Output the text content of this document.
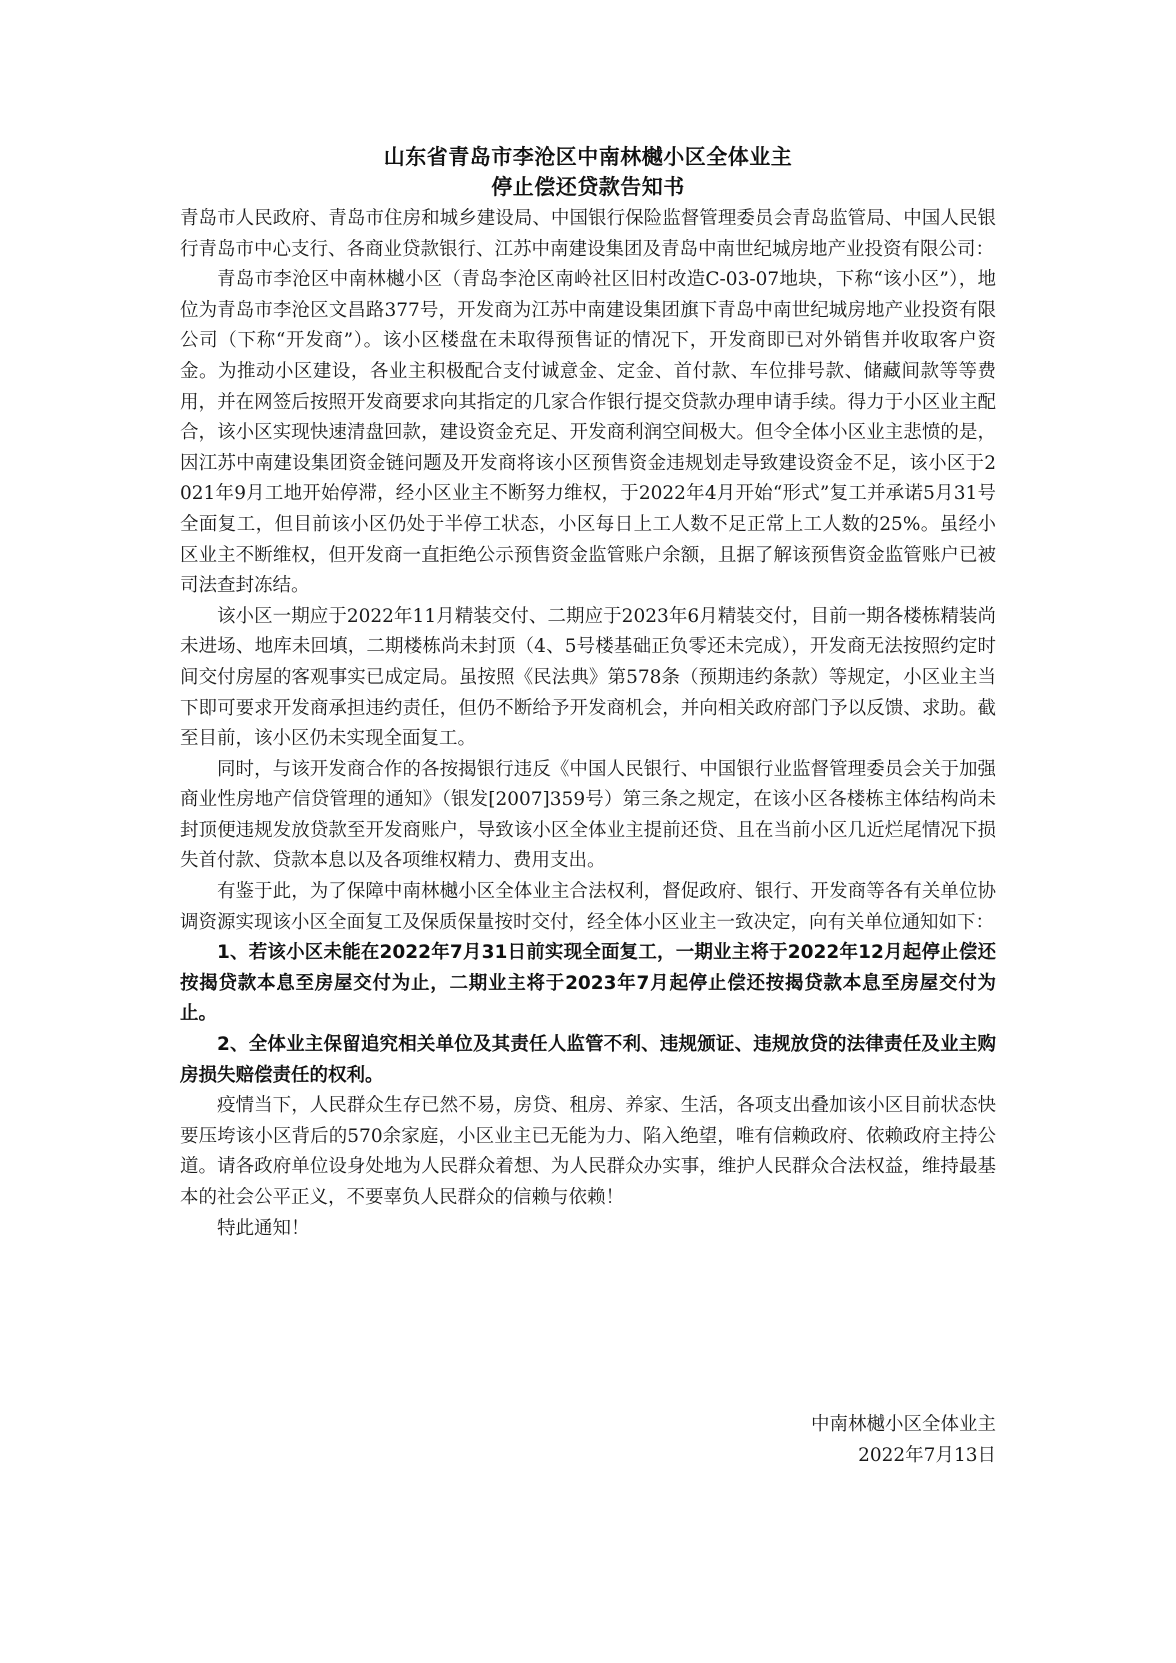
山东省青岛市李沧区中南林樾小区全体业主
停止偿还贷款告知书

青岛市人民政府、青岛市住房和城乡建设局、中国银行保险监督管理委员会青岛监管局、中国人民银行青岛市中心支行、各商业贷款银行、江苏中南建设集团及青岛中南世纪城房地产业投资有限公司：

青岛市李沧区中南林樾小区（青岛李沧区南岭社区旧村改造C-03-07地块，下称“该小区”），地位为青岛市李沧区文昌路377号，开发商为江苏中南建设集团旗下青岛中南世纪城房地产业投资有限公司（下称“开发商”）。该小区楼盘在未取得预售证的情况下，开发商即已对外销售并收取客户资金。为推动小区建设，各业主积极配合支付诚意金、定金、首付款、车位排号款、储藏间款等等费用，并在网签后按照开发商要求向其指定的几家合作银行提交贷款办理申请手续。得力于小区业主配合，该小区实现快速清盘回款，建设资金充足、开发商利润空间极大。但令全体小区业主悲愤的是，因江苏中南建设集团资金链问题及开发商将该小区预售资金违规划走导致建设资金不足，该小区于2021年9月工地开始停滞，经小区业主不断努力维权，于2022年4月开始“形式”复工并承诺5月31号全面复工，但目前该小区仍处于半停工状态，小区每日上工人数不足正常上工人数的25%。虽经小区业主不断维权，但开发商一直拒绝公示预售资金监管账户余额，且据了解该预售资金监管账户已被司法查封冻结。

该小区一期应于2022年11月精装交付、二期应于2023年6月精装交付，目前一期各楼栋精装尚未进场、地库未回填，二期楼栋尚未封顶（4、5号楼基础正负零还未完成），开发商无法按照约定时间交付房屋的客观事实已成定局。虽按照《民法典》第578条（预期违约条款）等规定，小区业主当下即可要求开发商承担违约责任，但仍不断给予开发商机会，并向相关政府部门予以反馈、求助。截至目前，该小区仍未实现全面复工。

同时，与该开发商合作的各按揭银行违反《中国人民银行、中国银行业监督管理委员会关于加强商业性房地产信贷管理的通知》（银发[2007]359号）第三条之规定，在该小区各楼栋主体结构尚未封顶便违规发放贷款至开发商账户，导致该小区全体业主提前还贷、且在当前小区几近烂尾情况下损失首付款、贷款本息以及各项维权精力、费用支出。

有鉴于此，为了保障中南林樾小区全体业主合法权利，督促政府、银行、开发商等各有关单位协调资源实现该小区全面复工及保质保量按时交付，经全体小区业主一致决定，向有关单位通知如下：

1、若该小区未能在2022年7月31日前实现全面复工，一期业主将于2022年12月起停止偿还按揭贷款本息至房屋交付为止，二期业主将于2023年7月起停止偿还按揭贷款本息至房屋交付为止。

2、全体业主保留追究相关单位及其责任人监管不利、违规颁证、违规放贷的法律责任及业主购房损失赔偿责任的权利。

疫情当下，人民群众生存已然不易，房贷、租房、养家、生活，各项支出叠加该小区目前状态快要压垮该小区背后的570余家庭，小区业主已无能为力、陷入绝望，唯有信赖政府、依赖政府主持公道。请各政府单位设身处地为人民群众着想、为人民群众办实事，维护人民群众合法权益，维持最基本的社会公平正义，不要辜负人民群众的信赖与依赖！

特此通知！

中南林樾小区全体业主
2022年7月13日
